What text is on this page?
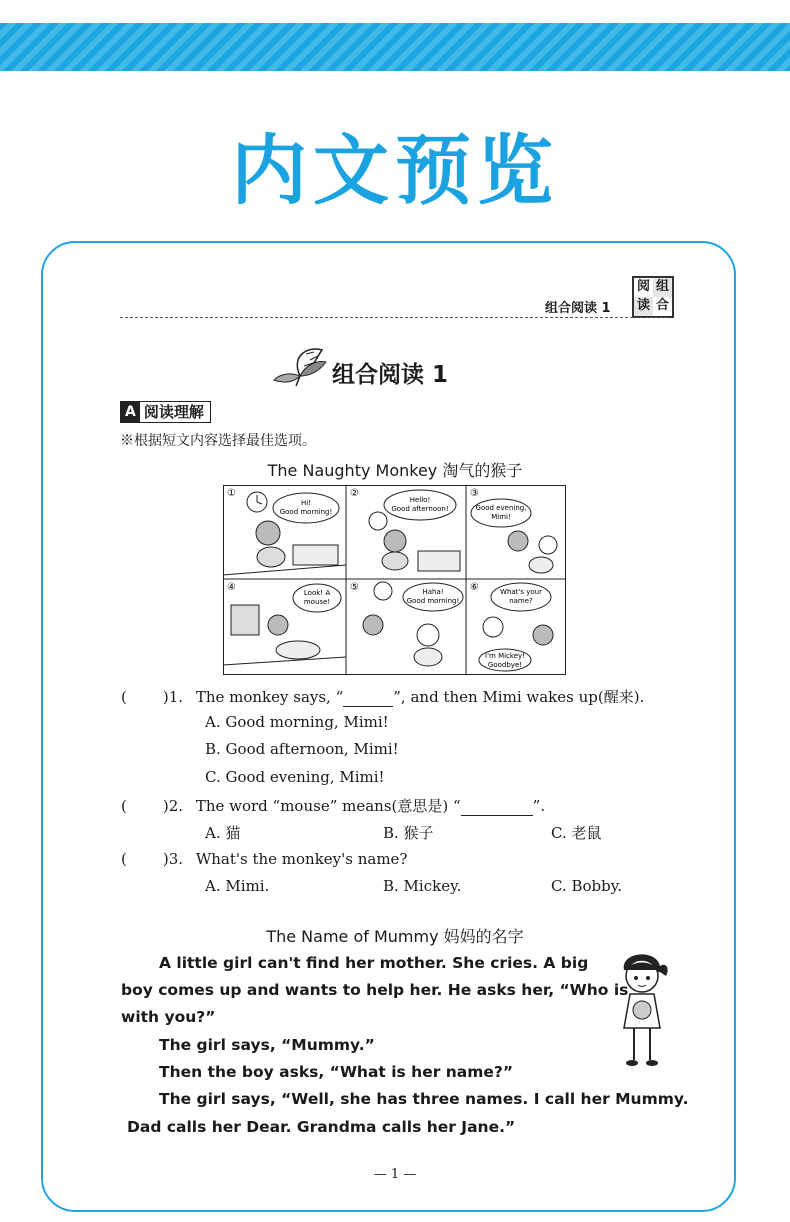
内文预览
组合阅读 1
阅 组
读 合
组合阅读 1
A 阅读理解
※根据短文内容选择最佳选项。
The Naughty Monkey 淘气的猴子
①
Hi!
Good morning!
②
Hello!
Good afternoon!
③
Good evening,
Mimi!
④	Look! A
mouse!
⑤	Haha!
Good morning!
⑥	What's your
name?
I'm Mickey!
Goodbye!
( )1. The monkey says, “	”, and then Mimi wakes up(醒来).
A. Good morning, Mimi!
B. Good afternoon, Mimi!
C. Good evening, Mimi!
( )2. The word “mouse” means(意思是) “	”.
A. 猫	B. 猴子	C. 老鼠
( )3. What's the monkey's name?
A. Mimi.	B. Mickey.	C. Bobby.
The Name of Mummy 妈妈的名字
A little girl can't find her mother. She cries. A big
boy comes up and wants to help her. He asks her, “Who is
with you?”
The girl says, “Mummy.”
Then the boy asks, “What is her name?”
The girl says, “Well, she has three names. I call her Mummy.
Dad calls her Dear. Grandma calls her Jane.”
— 1 —
